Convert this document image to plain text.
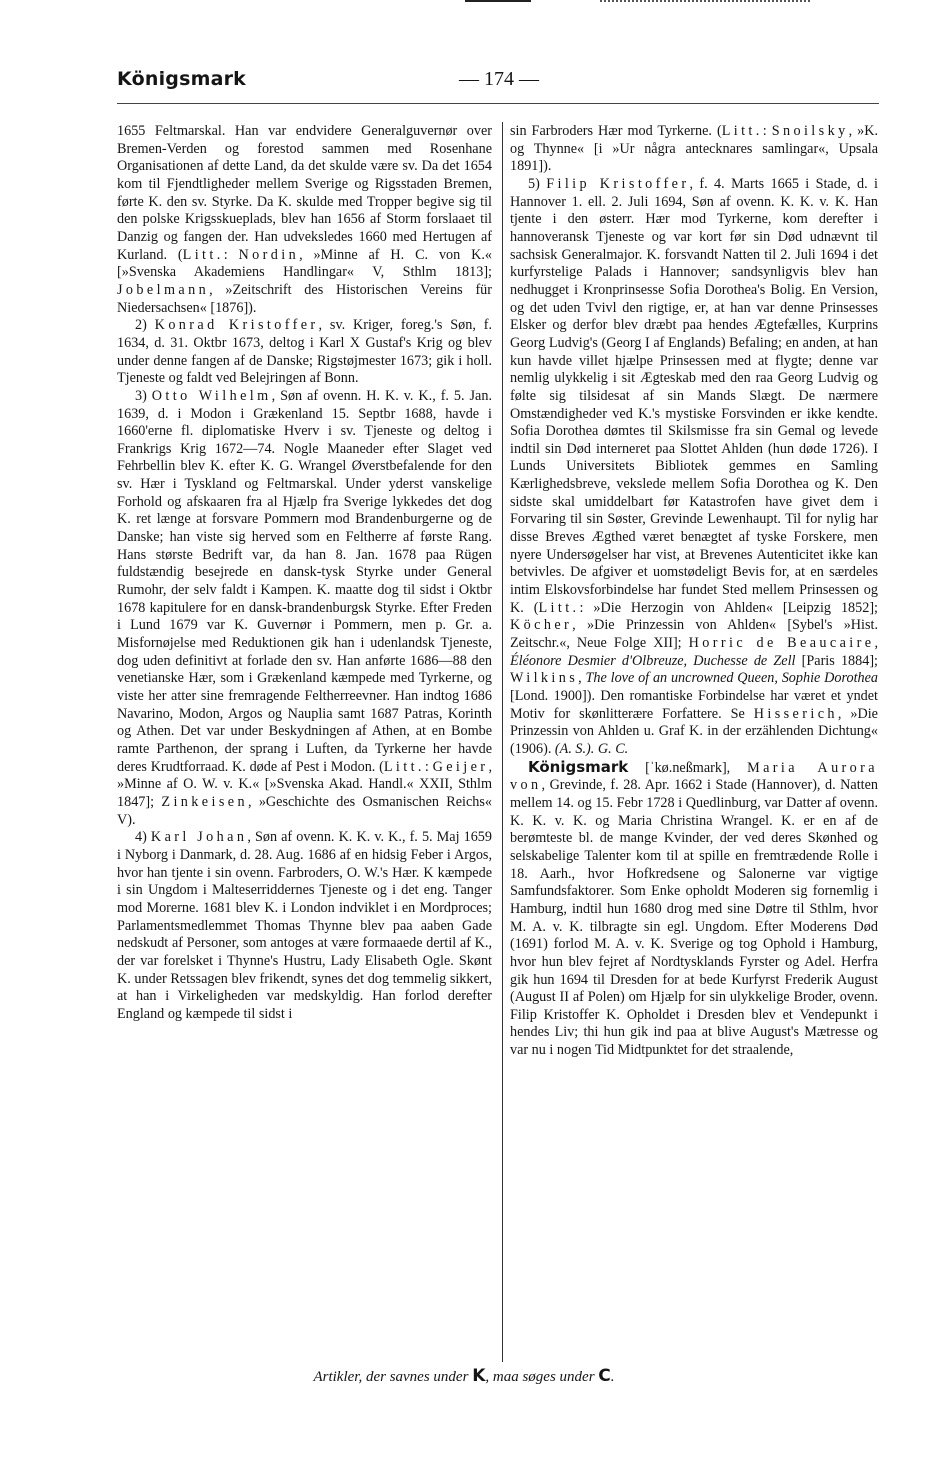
Königsmark	— 174 —

1655 Feltmarskal. Han var endvidere Generalguvernør over Bremen-Verden og forestod sammen med Rosenhane Organisationen af dette Land, da det skulde være sv. Da det 1654 kom til Fjendtligheder mellem Sverige og Rigsstaden Bremen, førte K. den sv. Styrke. Da K. skulde med Tropper begive sig til den polske Krigsskueplads, blev han 1656 af Storm forslaaet til Danzig og fangen der. Han udveksledes 1660 med Hertugen af Kurland. (Litt.: Nordin, »Minne af H. C. von K.« [»Svenska Akademiens Handlingar« V, Sthlm 1813]; Jobelmann, »Zeitschrift des Historischen Vereins für Niedersachsen« [1876]).

2) Konrad Kristoffer, sv. Kriger, foreg.'s Søn, f. 1634, d. 31. Oktbr 1673, deltog i Karl X Gustaf's Krig og blev under denne fangen af de Danske; Rigstøjmester 1673; gik i holl. Tjeneste og faldt ved Belejringen af Bonn.

3) Otto Wilhelm, Søn af ovenn. H. K. v. K., f. 5. Jan. 1639, d. i Modon i Grækenland 15. Septbr 1688, havde i 1660'erne fl. diplomatiske Hverv i sv. Tjeneste og deltog i Frankrigs Krig 1672—74. Nogle Maaneder efter Slaget ved Fehrbellin blev K. efter K. G. Wrangel Øverstbefalende for den sv. Hær i Tyskland og Feltmarskal. Under yderst vanskelige Forhold og afskaaren fra al Hjælp fra Sverige lykkedes det dog K. ret længe at forsvare Pommern mod Brandenburgerne og de Danske; han viste sig herved som en Feltherre af første Rang. Hans største Bedrift var, da han 8. Jan. 1678 paa Rügen fuldstændig besejrede en dansk-tysk Styrke under General Rumohr, der selv faldt i Kampen. K. maatte dog til sidst i Oktbr 1678 kapitulere for en dansk-brandenburgsk Styrke. Efter Freden i Lund 1679 var K. Guvernør i Pommern, men p. Gr. a. Misfornøjelse med Reduktionen gik han i udenlandsk Tjeneste, dog uden definitivt at forlade den sv. Han anførte 1686—88 den venetianske Hær, som i Grækenland kæmpede med Tyrkerne, og viste her atter sine fremragende Feltherreevner. Han indtog 1686 Navarino, Modon, Argos og Nauplia samt 1687 Patras, Korinth og Athen. Det var under Beskydningen af Athen, at en Bombe ramte Parthenon, der sprang i Luften, da Tyrkerne her havde deres Krudtforraad. K. døde af Pest i Modon. (Litt.: Geijer, »Minne af O. W. v. K.« [»Svenska Akad. Handl.« XXII, Sthlm 1847]; Zinkeisen, »Geschichte des Osmanischen Reichs« V).

4) Karl Johan, Søn af ovenn. K. K. v. K., f. 5. Maj 1659 i Nyborg i Danmark, d. 28. Aug. 1686 af en hidsig Feber i Argos, hvor han tjente i sin ovenn. Farbroders, O. W.'s Hær. K kæmpede i sin Ungdom i Malteserriddernes Tjeneste og i det eng. Tanger mod Morerne. 1681 blev K. i London indviklet i en Mordproces; Parlamentsmedlemmet Thomas Thynne blev paa aaben Gade nedskudt af Personer, som antoges at være formaaede dertil af K., der var forelsket i Thynne's Hustru, Lady Elisabeth Ogle. Skønt K. under Retssagen blev frikendt, synes det dog temmelig sikkert, at han i Virkeligheden var medskyldig. Han forlod derefter England og kæmpede til sidst i

sin Farbroders Hær mod Tyrkerne. (Litt.: Snoilsky, »K. og Thynne« [i »Ur några antecknares samlingar«, Upsala 1891]).

5) Filip Kristoffer, f. 4. Marts 1665 i Stade, d. i Hannover 1. ell. 2. Juli 1694, Søn af ovenn. K. K. v. K. Han tjente i den østerr. Hær mod Tyrkerne, kom derefter i hannoveransk Tjeneste og var kort før sin Død udnævnt til sachsisk Generalmajor. K. forsvandt Natten til 2. Juli 1694 i det kurfyrstelige Palads i Hannover; sandsynligvis blev han nedhugget i Kronprinsesse Sofia Dorothea's Bolig. En Version, og det uden Tvivl den rigtige, er, at han var denne Prinsesses Elsker og derfor blev dræbt paa hendes Ægtefælles, Kurprins Georg Ludvig's (Georg I af Englands) Befaling; en anden, at han kun havde villet hjælpe Prinsessen med at flygte; denne var nemlig ulykkelig i sit Ægteskab med den raa Georg Ludvig og følte sig tilsidesat af sin Mands Slægt. De nærmere Omstændigheder ved K.'s mystiske Forsvinden er ikke kendte. Sofia Dorothea dømtes til Skilsmisse fra sin Gemal og levede indtil sin Død interneret paa Slottet Ahlden (hun døde 1726). I Lunds Universitets Bibliotek gemmes en Samling Kærlighedsbreve, vekslede mellem Sofia Dorothea og K. Den sidste skal umiddelbart før Katastrofen have givet dem i Forvaring til sin Søster, Grevinde Lewenhaupt. Til for nylig har disse Breves Ægthed været benægtet af tyske Forskere, men nyere Undersøgelser har vist, at Brevenes Autenticitet ikke kan betvivles. De afgiver et uomstødeligt Bevis for, at en særdeles intim Elskovsforbindelse har fundet Sted mellem Prinsessen og K. (Litt.: »Die Herzogin von Ahlden« [Leipzig 1852]; Köcher, »Die Prinzessin von Ahlden« [Sybel's »Hist. Zeitschr.«, Neue Folge XII]; Horric de Beaucaire, Éléonore Desmier d'Olbreuze, Duchesse de Zell [Paris 1884]; Wilkins, The love of an uncrowned Queen, Sophie Dorothea [Lond. 1900]). Den romantiske Forbindelse har været et yndet Motiv for skønlitterære Forfattere. Se Hisserich, »Die Prinzessin von Ahlden u. Graf K. in der erzählenden Dichtung« (1906). (A. S.). G. C.

Königsmark [ˈkø.neßmark], Maria Aurora von, Grevinde, f. 28. Apr. 1662 i Stade (Hannover), d. Natten mellem 14. og 15. Febr 1728 i Quedlinburg, var Datter af ovenn. K. K. v. K. og Maria Christina Wrangel. K. er en af de berømteste bl. de mange Kvinder, der ved deres Skønhed og selskabelige Talenter kom til at spille en fremtrædende Rolle i 18. Aarh., hvor Hofkredsene og Salonerne var vigtige Samfundsfaktorer. Som Enke opholdt Moderen sig fornemlig i Hamburg, indtil hun 1680 drog med sine Døtre til Sthlm, hvor M. A. v. K. tilbragte sin egl. Ungdom. Efter Moderens Død (1691) forlod M. A. v. K. Sverige og tog Ophold i Hamburg, hvor hun blev fejret af Nordtysklands Fyrster og Adel. Herfra gik hun 1694 til Dresden for at bede Kurfyrst Frederik August (August II af Polen) om Hjælp for sin ulykkelige Broder, ovenn. Filip Kristoffer K. Opholdet i Dresden blev et Vendepunkt i hendes Liv; thi hun gik ind paa at blive August's Mætresse og var nu i nogen Tid Midtpunktet for det straalende,

Artikler, der savnes under K, maa søges under C.
